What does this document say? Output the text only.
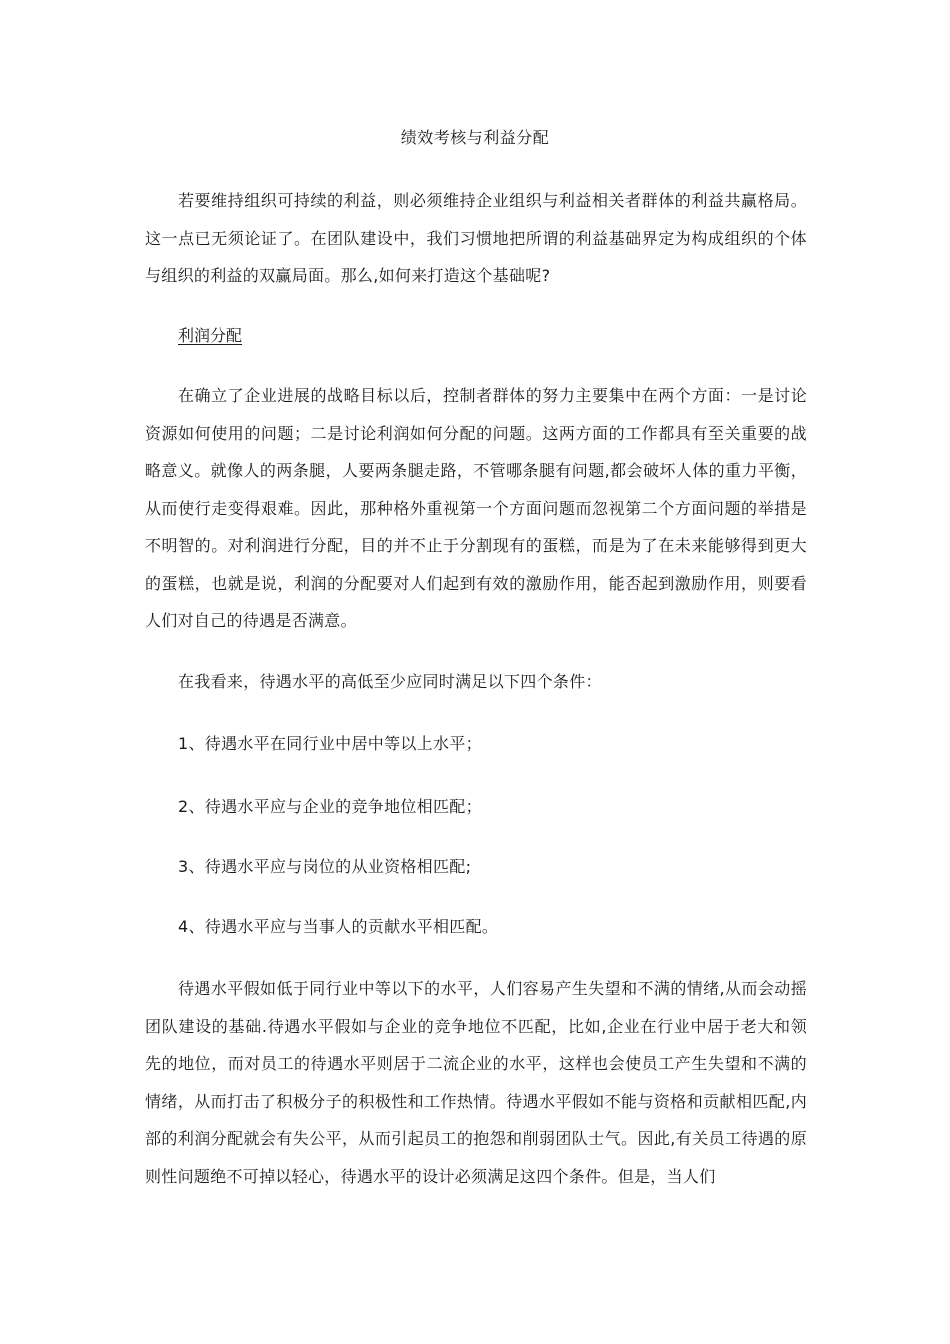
绩效考核与利益分配
若要维持组织可持续的利益，则必须维持企业组织与利益相关者群体的利益共赢格局。这一点已无须论证了。在团队建设中，我们习惯地把所谓的利益基础界定为构成组织的个体与组织的利益的双赢局面。那么,如何来打造这个基础呢?
利润分配
在确立了企业进展的战略目标以后，控制者群体的努力主要集中在两个方面：一是讨论资源如何使用的问题；二是讨论利润如何分配的问题。这两方面的工作都具有至关重要的战略意义。就像人的两条腿，人要两条腿走路，不管哪条腿有问题,都会破坏人体的重力平衡，从而使行走变得艰难。因此，那种格外重视第一个方面问题而忽视第二个方面问题的举措是不明智的。对利润进行分配，目的并不止于分割现有的蛋糕，而是为了在未来能够得到更大的蛋糕，也就是说，利润的分配要对人们起到有效的激励作用，能否起到激励作用，则要看人们对自己的待遇是否满意。
在我看来，待遇水平的高低至少应同时满足以下四个条件：
1、待遇水平在同行业中居中等以上水平；
2、待遇水平应与企业的竞争地位相匹配；
3、待遇水平应与岗位的从业资格相匹配;
4、待遇水平应与当事人的贡献水平相匹配。
待遇水平假如低于同行业中等以下的水平，人们容易产生失望和不满的情绪,从而会动摇团队建设的基础.待遇水平假如与企业的竞争地位不匹配，比如,企业在行业中居于老大和领先的地位，而对员工的待遇水平则居于二流企业的水平，这样也会使员工产生失望和不满的情绪，从而打击了积极分子的积极性和工作热情。待遇水平假如不能与资格和贡献相匹配,内部的利润分配就会有失公平，从而引起员工的抱怨和削弱团队士气。因此,有关员工待遇的原则性问题绝不可掉以轻心，待遇水平的设计必须满足这四个条件。但是，当人们
